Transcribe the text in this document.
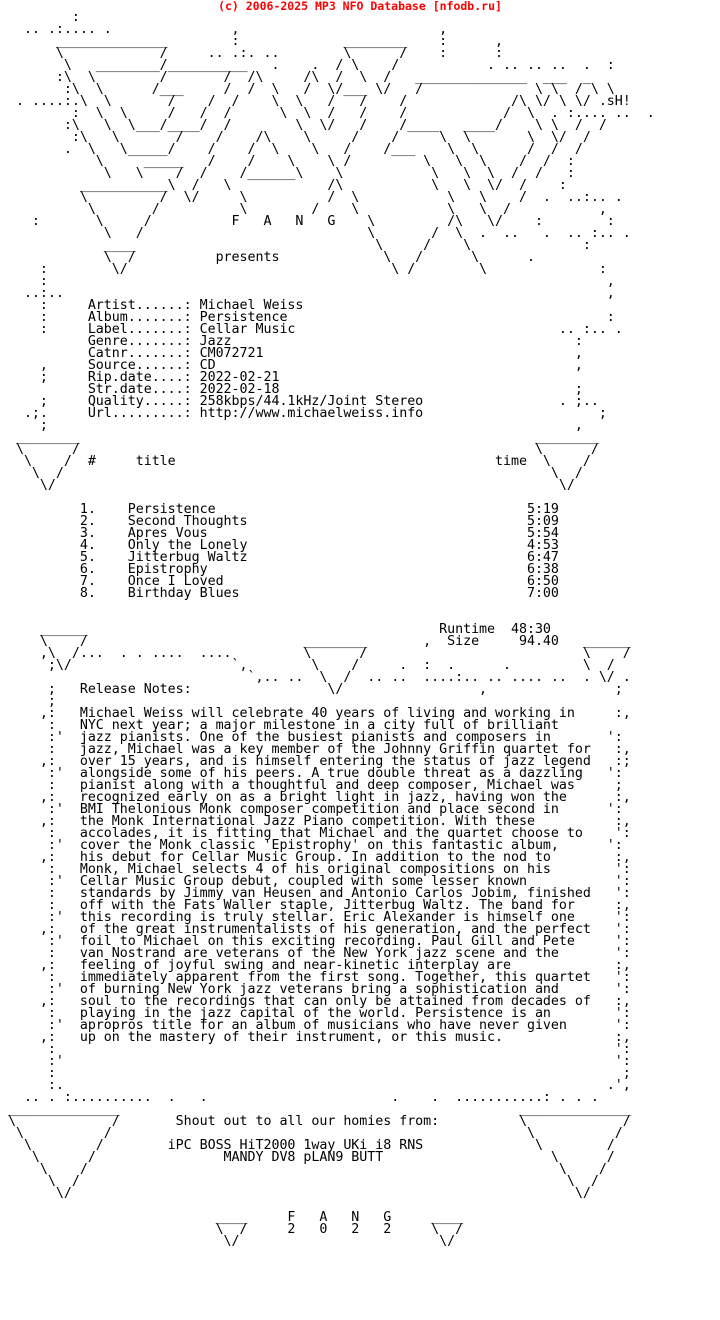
(c) 2006-2025 MP3 NFO Database [nfodb.ru]
:
.. .:.... .               ,                         ,
______________        :             ________    :      ,
\            /     .. .:. ..        \      /    :      :
\   ________/__________   .    .  / \    /           . .. .. ..  .  :
:\  \        /       /  /\     /\  /  \  /   ______________  ___  _
:\  \      /___     /  /  \   /  \/___ \/   /              \ \  / \ \
. ....:.\  \       /    /  /    \  \   /   /    /             /\ \/ \ \/ .sH!
:  \  \     /   /  /      \  \  /   /    /            /  \  . :.... ..  .
:\   \  \___/____/  /        \  \/   /    /____   ____/    \ \  /  /
:\   \       /    /    /\    \     /    /     \  \       \  \/  /
.  \   \_____/    /    /  \    \   /    /___    \  \      /  /  /
\     _____   /    /    \    \ /         \   \  \    /  /  :
\   \    /  /    /______\    \           \   \  \  /  /   :
___________\  /   \            /\           \   \  \/  /    :
\         /  \/     \          /  \           \   \    /  .  ..:.. .
\       /          \        /    \           \   \  /           ,
:       \     /          F   A   N   G    \         /\   \/    :        :
\   /                            \       /  \  .  ..   .  .. :.. .
____                              \     /    \              :
\  /          presents             \   /      \      .
:        \/                                 \ /        \              :
:                                                                      ,
..:..                                                                    ,
:     Artist......: Michael Weiss
:     Album.......: Persistence                                        :
:     Label.......: Cellar Music                                 .. :.. .
Genre.......: Jazz                                           :
Catnr.......: CM072721                                       ,
,     Source......: CD                                             ,
;     Rip.date....: 2022-02-21
Str.date....: 2022-02-18                                     ;
;     Quality.....: 258kbps/44.1kHz/Joint Stereo                 . ;..
.;.     Url.........: http://www.michaelweiss.info                      ;
;                                                                  ,
________                                                         ________
\      /                                                         \      /
\    /  #     title                                        time  \    /
\  /                                                             \  /
\/                                                               \/

1.    Persistence                                       5:19
2.    Second Thoughts                                   5:09
3.    Apres Vous                                        5:54
4.    Only the Lonely                                   4:53
5.    Jitterbug Waltz                                   6:47
6.    Epistrophy                                        6:38
7.    Once I Loved                                      6:50
8.    Birthday Blues                                    7:00

______                                            Runtime  48:30
\    /                           ________       ,  Size     94.40   ______
,\  /...  . . ....  ....         \      /                           \    /
;\/                    `,        \    /     .  :  .      .         \  /
`,.. ..  \  /  .. ..  ....:.. .. .... ..  . \/ .
;   Release Notes:                 \/                 ,                ;
;
,:   Michael Weiss will celebrate 40 years of living and working in     :,
:   NYC next year; a major milestone in a city full of brilliant
:'  jazz pianists. One of the busiest pianists and composers in       ':
:   jazz, Michael was a key member of the Johnny Griffin quartet for   :,
,:   over 15 years, and is himself entering the status of jazz legend   :;
:'  alongside some of his peers. A true double threat as a dazzling   ':
:   pianist along with a thoughtful and deep composer, Michael was     ;
,:   recognized early on as a bright light in jazz, having won the      :,
:'  BMI Thelonious Monk composer competition and place second in      ':
,:   the Monk International Jazz Piano competition. With these          :,
:   accolades, it is fitting that Michael and the quartet choose to    ':
:'  cover the Monk classic 'Epistrophy' on this fantastic album,      ':
,:   his debut for Cellar Music Group. In addition to the nod to        :,
:   Monk, Michael selects 4 of his original compositions on his        ':
:'  Cellar Music Group debut, coupled with some lesser known           ':
:   standards by Jimmy van Heusen and Antonio Carlos Jobim, finished   ':
:   off with the Fats Waller staple, Jitterbug Waltz. The band for     :,
:'  this recording is truly stellar. Eric Alexander is himself one     ':
,:   of the great instrumentalists of his generation, and the perfect   ':
:'  foil to Michael on this exciting recording. Paul Gill and Pete     ':
:   van Nostrand are veterans of the New York jazz scene and the       ':
,:   feeling of joyful swing and near-kinetic interplay are             :,
:   immediately apparent from the first song. Together, this quartet   ':
:'  of burning New York jazz veterans bring a sophistication and       ':
,:   soul to the recordings that can only be attained from decades of   :,
:   playing in the jazz capital of the world. Persistence is an        ':
:'  apropros title for an album of musicians who have never given      ':
,:   up on the mastery of their instrument, or this music.              :,
:                                                                      ':
:'                                                                     ':
:                                                                       ;
:.                                                                    .',
.. . :..........  .   .                       .    .  ...........: . . .
______________                                                  ______________
\            /       Shout out to all our homies from:          \            /
\          /                                                    \          /
\        /        iPC BOSS HiT2000 1way UKi i8 RNS              \        /
\      /                MANDY DV8 pLAN9 BUTT                     \      /
\    /                                                           \    /
\  /                                                             \  /
\/                                                               \/

____     F   A   N   G     ____
\  /     2   0   2   2     \  /
\/                         \/
